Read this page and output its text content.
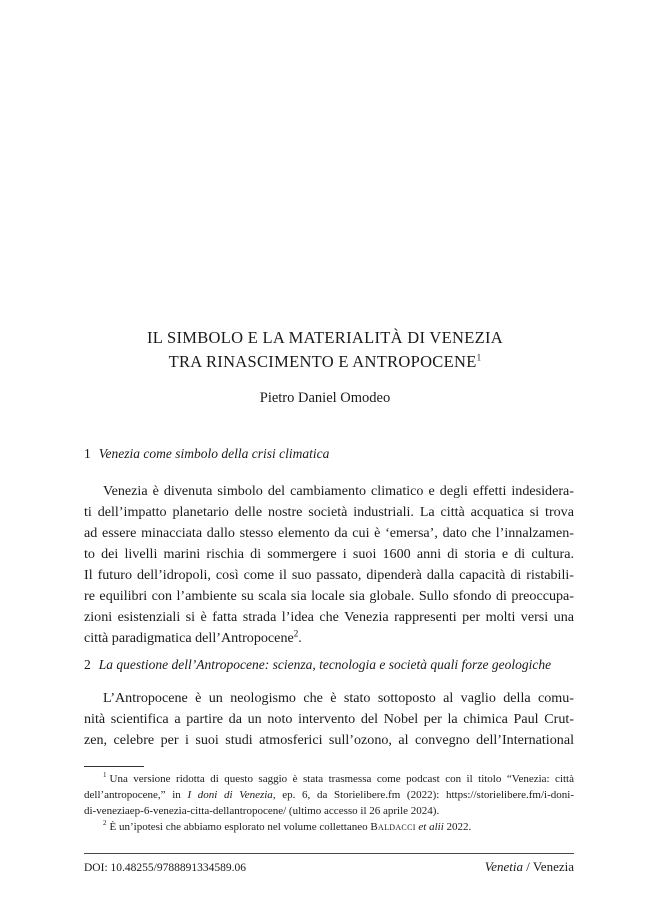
IL SIMBOLO E LA MATERIALITÀ DI VENEZIA
TRA RINASCIMENTO E ANTROPOCENE$^1$
Pietro Daniel Omodeo
1 Venezia come simbolo della crisi climatica
Venezia è divenuta simbolo del cambiamento climatico e degli effetti indesidera-
ti dell’impatto planetario delle nostre società industriali. La città acquatica si trova
ad essere minacciata dallo stesso elemento da cui è ‘emersa’, dato che l’innalzamen-
to dei livelli marini rischia di sommergere i suoi 1600 anni di storia e di cultura.
Il futuro dell’idropoli, così come il suo passato, dipenderà dalla capacità di ristabili-
re equilibri con l’ambiente su scala sia locale sia globale. Sullo sfondo di preoccupa-
zioni esistenziali si è fatta strada l’idea che Venezia rappresenti per molti versi una
città paradigmatica dell’Antropocene$^2$.
2 La questione dell’Antropocene: scienza, tecnologia e società quali forze geologiche
L’Antropocene è un neologismo che è stato sottoposto al vaglio della comu-
nità scientifica a partire da un noto intervento del Nobel per la chimica Paul Crut-
zen, celebre per i suoi studi atmosferici sull’ozono, al convegno dell’International
$^1$ Una versione ridotta di questo saggio è stata trasmessa come podcast con il titolo “Venezia: città
dell’antropocene,” in I doni di Venezia, ep. 6, da Storielibere.fm (2022): https://storielibere.fm/i-doni-
di-veneziaep-6-venezia-citta-dellantropocene/ (ultimo accesso il 26 aprile 2024).
$^2$ È un’ipotesi che abbiamo esplorato nel volume collettaneo Baldacci et alii 2022.
DOI: 10.48255/9788891334589.06	Venetia / Venezia
